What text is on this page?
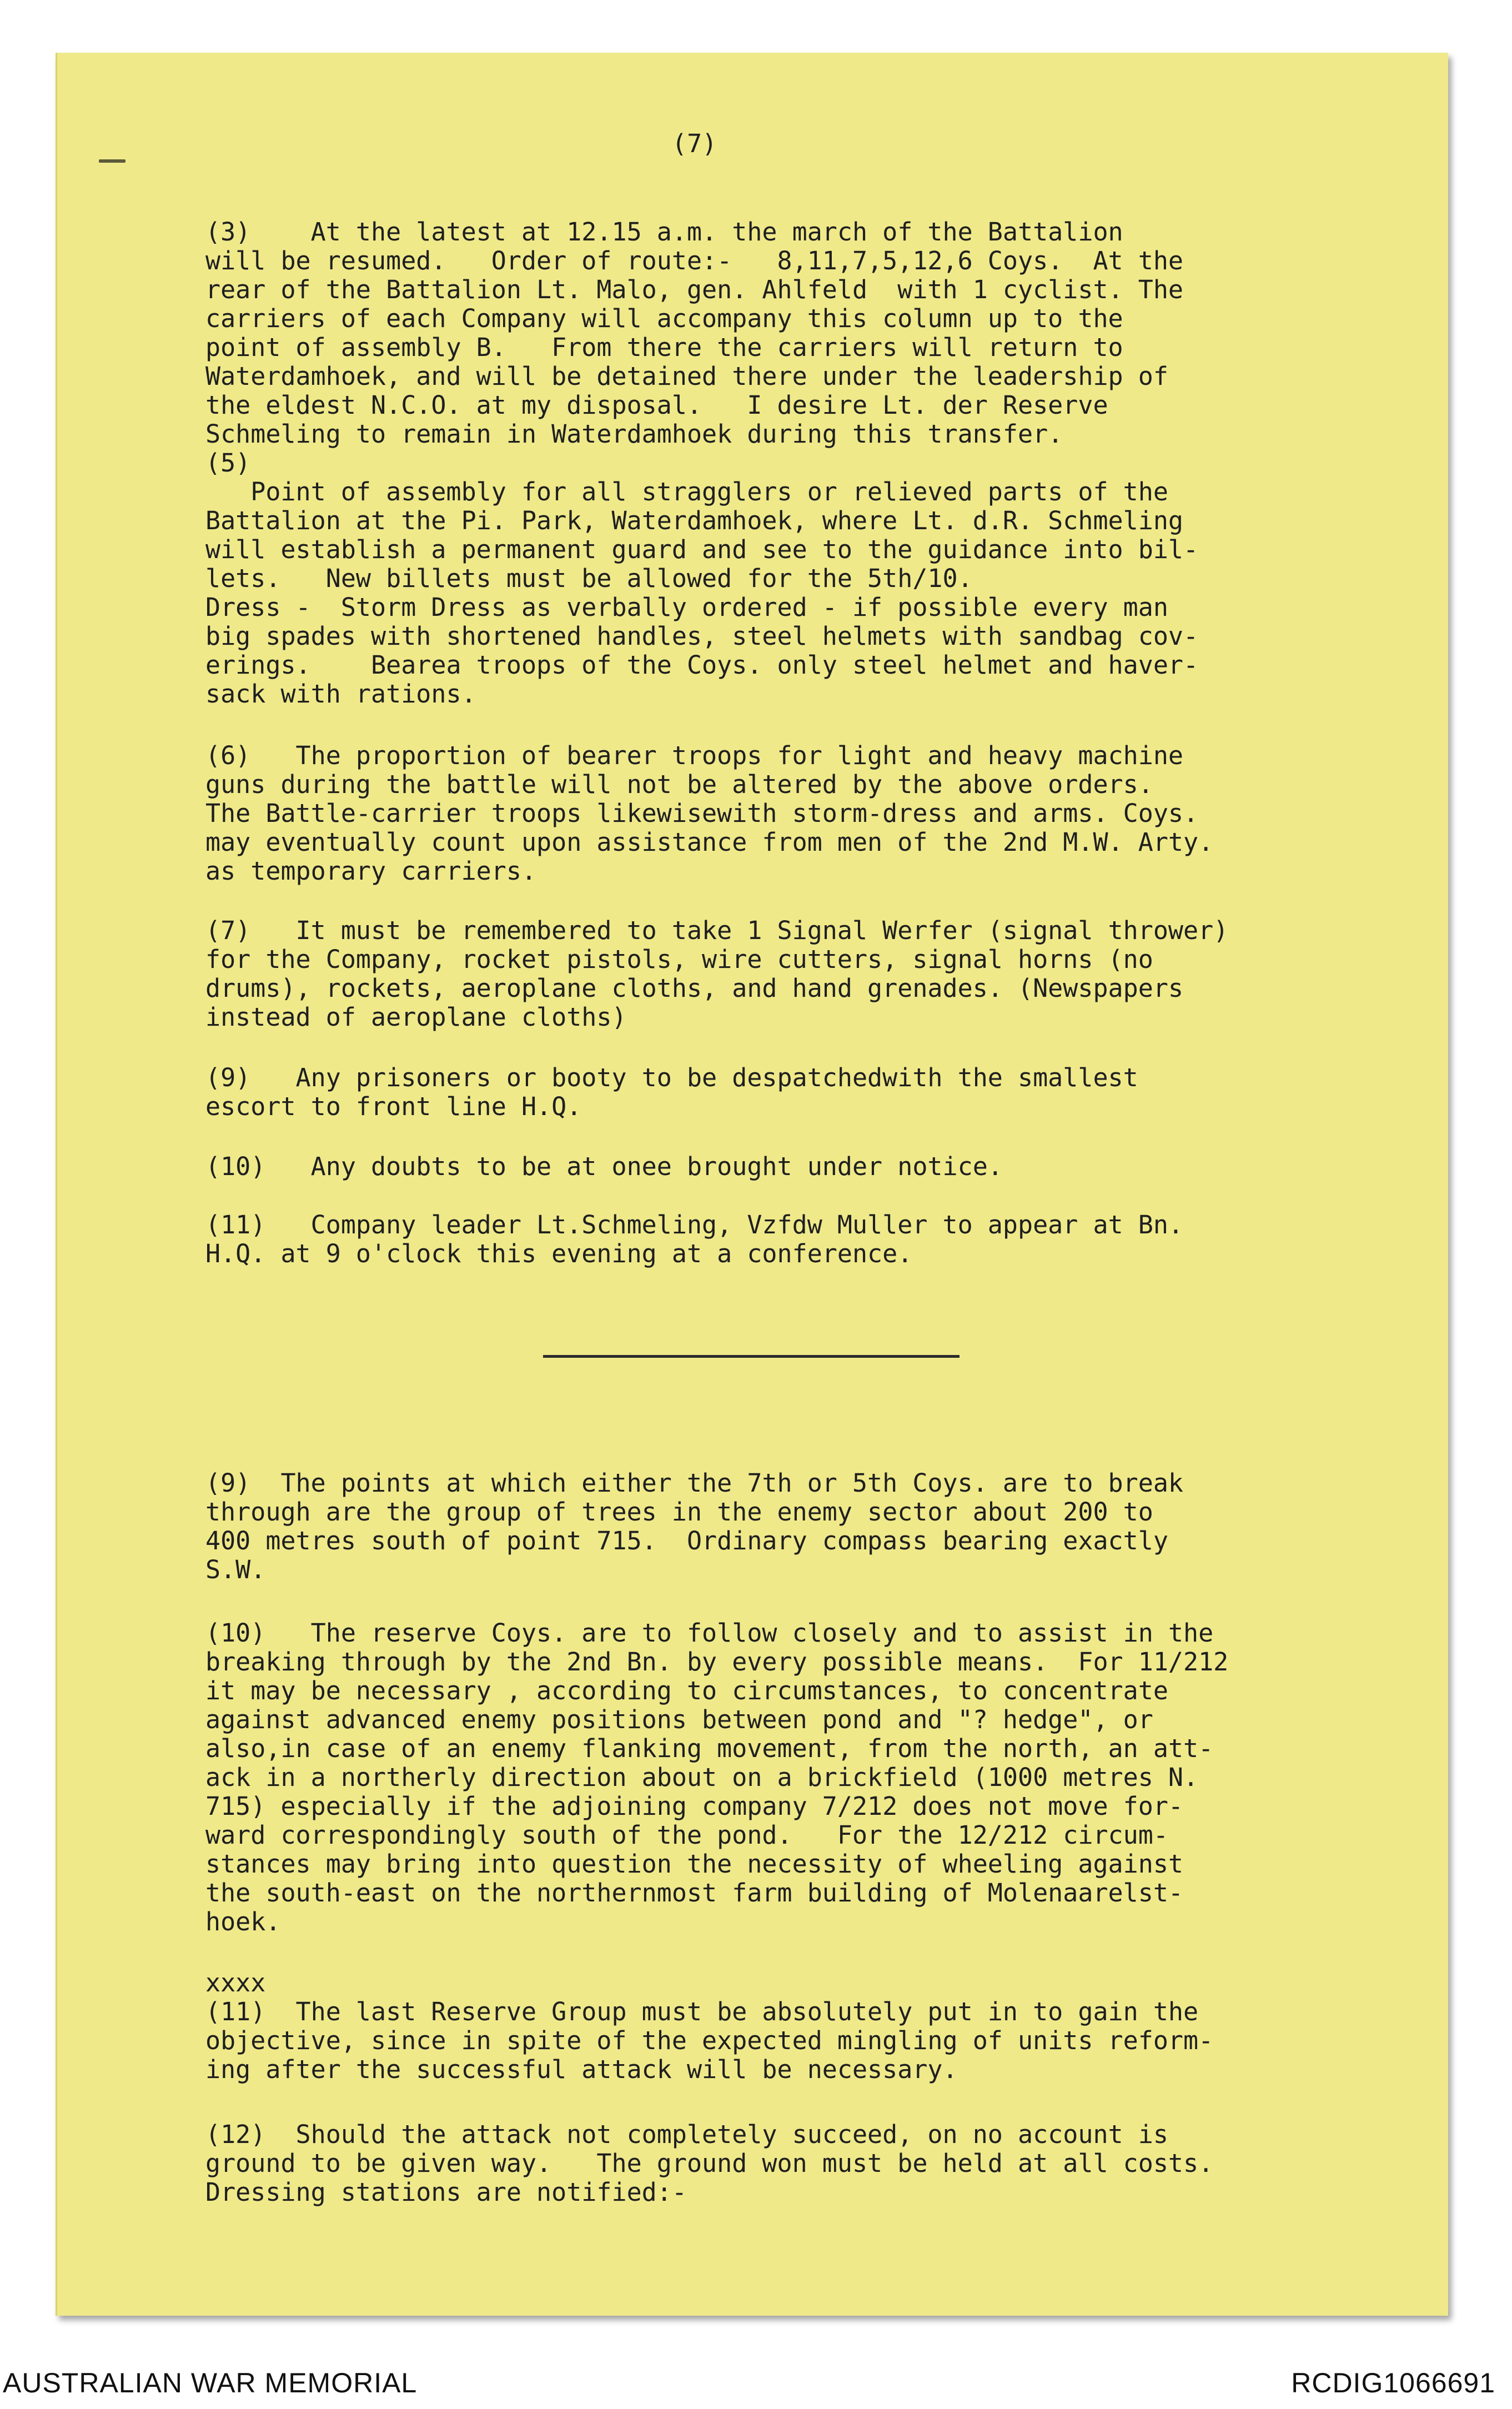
(7)

(3)    At the latest at 12.15 a.m. the march of the Battalion
will be resumed.   Order of route:-   8,11,7,5,12,6 Coys.  At the
rear of the Battalion Lt. Malo, gen. Ahlfeld  with 1 cyclist. The
carriers of each Company will accompany this column up to the
point of assembly B.   From there the carriers will return to
Waterdamhoek, and will be detained there under the leadership of
the eldest N.C.O. at my disposal.   I desire Lt. der Reserve
Schmeling to remain in Waterdamhoek during this transfer.

(5)
Point of assembly for all stragglers or relieved parts of the
Battalion at the Pi. Park, Waterdamhoek, where Lt. d.R. Schmeling
will establish a permanent guard and see to the guidance into bil-
lets.   New billets must be allowed for the 5th/10.
Dress -  Storm Dress as verbally ordered - if possible every man
big spades with shortened handles, steel helmets with sandbag cov-
erings.    Bearea troops of the Coys. only steel helmet and haver-
sack with rations.

(6)   The proportion of bearer troops for light and heavy machine
guns during the battle will not be altered by the above orders.
The Battle-carrier troops likewisewith storm-dress and arms. Coys.
may eventually count upon assistance from men of the 2nd M.W. Arty.
as temporary carriers.

(7)   It must be remembered to take 1 Signal Werfer (signal thrower)
for the Company, rocket pistols, wire cutters, signal horns (no
drums), rockets, aeroplane cloths, and hand grenades. (Newspapers
instead of aeroplane cloths)

(9)   Any prisoners or booty to be despatchedwith the smallest
escort to front line H.Q.

(10)   Any doubts to be at onee brought under notice.

(11)   Company leader Lt.Schmeling, Vzfdw Muller to appear at Bn.
H.Q. at 9 o'clock this evening at a conference.

(9)  The points at which either the 7th or 5th Coys. are to break
through are the group of trees in the enemy sector about 200 to
400 metres south of point 715.  Ordinary compass bearing exactly
S.W.

(10)   The reserve Coys. are to follow closely and to assist in the
breaking through by the 2nd Bn. by every possible means.  For 11/212
it may be necessary , according to circumstances, to concentrate
against advanced enemy positions between pond and "? hedge", or
also,in case of an enemy flanking movement, from the north, an att-
ack in a northerly direction about on a brickfield (1000 metres N.
715) especially if the adjoining company 7/212 does not move for-
ward correspondingly south of the pond.   For the 12/212 circum-
stances may bring into question the necessity of wheeling against
the south-east on the northernmost farm building of Molenaarelst-
hoek.

xxxx
(11)  The last Reserve Group must be absolutely put in to gain the
objective, since in spite of the expected mingling of units reform-
ing after the successful attack will be necessary.

(12)  Should the attack not completely succeed, on no account is
ground to be given way.   The ground won must be held at all costs.
Dressing stations are notified:-

AUSTRALIAN WAR MEMORIAL	RCDIG1066691
